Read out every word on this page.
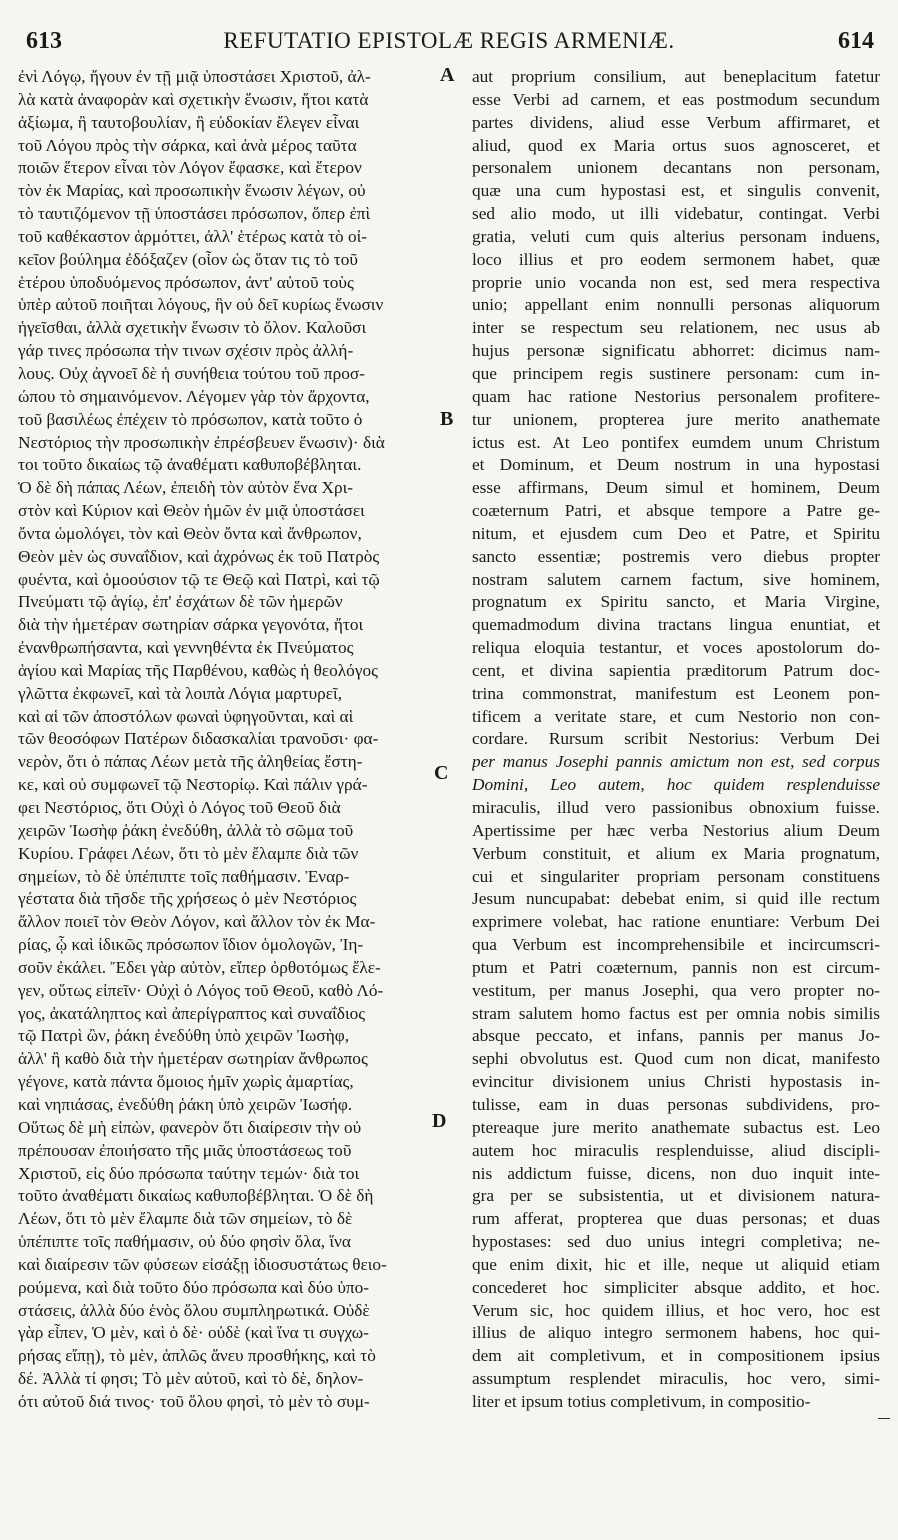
613	REFUTATIO EPISTOLÆ REGIS ARMENIÆ.	614
ἐνὶ Λόγῳ, ἤγουν ἐν τῇ μιᾷ ὑποστάσει Χριστοῦ, ἀλ-
λὰ κατὰ ἀναφορὰν καὶ σχετικὴν ἕνωσιν, ἤτοι κατὰ
ἀξίωμα, ἢ ταυτοβουλίαν, ἢ εὐδοκίαν ἔλεγεν εἶναι
τοῦ Λόγου πρὸς τὴν σάρκα, καὶ ἀνὰ μέρος ταῦτα
ποιῶν ἕτερον εἶναι τὸν Λόγον ἔφασκε, καὶ ἕτερον
τὸν ἐκ Μαρίας, καὶ προσωπικὴν ἕνωσιν λέγων, οὐ
τὸ ταυτιζόμενον τῇ ὑποστάσει πρόσωπον, ὅπερ ἐπὶ
τοῦ καθέκαστον ἁρμόττει, ἀλλ' ἑτέρως κατὰ τὸ οἰ-
κεῖον βούλημα ἐδόξαζεν (οἷον ὡς ὅταν τις τὸ τοῦ
ἑτέρου ὑποδυόμενος πρόσωπον, ἀντ' αὐτοῦ τοὺς
ὑπὲρ αὐτοῦ ποιῆται λόγους, ἣν οὐ δεῖ κυρίως ἕνωσιν
ἡγεῖσθαι, ἀλλὰ σχετικὴν ἕνωσιν τὸ ὅλον. Καλοῦσι
γάρ τινες πρόσωπα τὴν τινων σχέσιν πρὸς ἀλλή-
λους. Οὐχ ἀγνοεῖ δὲ ἡ συνήθεια τούτου τοῦ προσ-
ώπου τὸ σημαινόμενον. Λέγομεν γὰρ τὸν ἄρχοντα,
τοῦ βασιλέως ἐπέχειν τὸ πρόσωπον, κατὰ τοῦτο ὁ
Νεστόριος τὴν προσωπικὴν ἐπρέσβευεν ἕνωσιν)· διὰ
τοι τοῦτο δικαίως τῷ ἀναθέματι καθυποβέβληται.
Ὁ δὲ δὴ πάπας Λέων, ἐπειδὴ τὸν αὐτὸν ἕνα Χρι-
στὸν καὶ Κύριον καὶ Θεὸν ἡμῶν ἐν μιᾷ ὑποστάσει
ὄντα ὡμολόγει, τὸν καὶ Θεὸν ὄντα καὶ ἄνθρωπον,
Θεὸν μὲν ὡς συναΐδιον, καὶ ἀχρόνως ἐκ τοῦ Πατρὸς
φυέντα, καὶ ὁμοούσιον τῷ τε Θεῷ καὶ Πατρὶ, καὶ τῷ
Πνεύματι τῷ ἁγίῳ, ἐπ' ἐσχάτων δὲ τῶν ἡμερῶν
διὰ τὴν ἡμετέραν σωτηρίαν σάρκα γεγονότα, ἤτοι
ἐνανθρωπήσαντα, καὶ γεννηθέντα ἐκ Πνεύματος
ἁγίου καὶ Μαρίας τῆς Παρθένου, καθὼς ἡ θεολόγος
γλῶττα ἐκφωνεῖ, καὶ τὰ λοιπὰ Λόγια μαρτυρεῖ,
καὶ αἱ τῶν ἀποστόλων φωναὶ ὑφηγοῦνται, καὶ αἱ
τῶν θεοσόφων Πατέρων διδασκαλίαι τρανοῦσι· φα-
νερὸν, ὅτι ὁ πάπας Λέων μετὰ τῆς ἀληθείας ἕστη-
κε, καὶ οὐ συμφωνεῖ τῷ Νεστορίῳ. Καὶ πάλιν γρά-
φει Νεστόριος, ὅτι Οὐχὶ ὁ Λόγος τοῦ Θεοῦ διὰ
χειρῶν Ἰωσὴφ ῥάκη ἐνεδύθη, ἀλλὰ τὸ σῶμα τοῦ
Κυρίου. Γράφει Λέων, ὅτι τὸ μὲν ἔλαμπε διὰ τῶν
σημείων, τὸ δὲ ὑπέπιπτε τοῖς παθήμασιν. Ἐναρ-
γέστατα διὰ τῆσδε τῆς χρήσεως ὁ μὲν Νεστόριος
ἄλλον ποιεῖ τὸν Θεὸν Λόγον, καὶ ἄλλον τὸν ἐκ Μα-
ρίας, ᾧ καὶ ἰδικῶς πρόσωπον ἴδιον ὁμολογῶν, Ἰη-
σοῦν ἐκάλει. Ἔδει γὰρ αὐτὸν, εἴπερ ὀρθοτόμως ἔλε-
γεν, οὕτως εἰπεῖν· Οὐχὶ ὁ Λόγος τοῦ Θεοῦ, καθὸ Λό-
γος, ἀκατάληπτος καὶ ἀπερίγραπτος καὶ συναΐδιος
τῷ Πατρὶ ὢν, ῥάκη ἐνεδύθη ὑπὸ χειρῶν Ἰωσὴφ,
ἀλλ' ἢ καθὸ διὰ τὴν ἡμετέραν σωτηρίαν ἄνθρωπος
γέγονε, κατὰ πάντα ὅμοιος ἡμῖν χωρὶς ἁμαρτίας,
καὶ νηπιάσας, ἐνεδύθη ῥάκη ὑπὸ χειρῶν Ἰωσήφ.
Οὕτως δὲ μὴ εἰπὼν, φανερὸν ὅτι διαίρεσιν τὴν οὐ
πρέπουσαν ἐποιήσατο τῆς μιᾶς ὑποστάσεως τοῦ
Χριστοῦ, εἰς δύο πρόσωπα ταύτην τεμών· διὰ τοι
τοῦτο ἀναθέματι δικαίως καθυποβέβληται. Ὁ δὲ δὴ
Λέων, ὅτι τὸ μὲν ἔλαμπε διὰ τῶν σημείων, τὸ δὲ
ὑπέπιπτε τοῖς παθήμασιν, οὐ δύο φησὶν ὅλα, ἵνα
καὶ διαίρεσιν τῶν φύσεων εἰσάξῃ ἰδιοσυστάτως θειο-
ρούμενα, καὶ διὰ τοῦτο δύο πρόσωπα καὶ δύο ὑπο-
στάσεις, ἀλλὰ δύο ἑνὸς ὅλου συμπληρωτικά. Οὐδὲ
γὰρ εἶπεν, Ὁ μὲν, καὶ ὁ δὲ· οὐδὲ (καὶ ἵνα τι συγχω-
ρήσας εἴπῃ), τὸ μὲν, ἁπλῶς ἄνευ προσθήκης, καὶ τὸ
δέ. Ἀλλὰ τί φησι; Τὸ μὲν αὐτοῦ, καὶ τὸ δὲ, δηλον-
ότι αὐτοῦ διά τινος· τοῦ ὅλου φησὶ, τὸ μὲν τὸ συμ-
aut proprium consilium, aut beneplacitum fatetur
esse Verbi ad carnem, et eas postmodum secundum
partes dividens, aliud esse Verbum affirmaret, et
aliud, quod ex Maria ortus suos agnosceret, et
personalem unionem decantans non personam,
quæ una cum hypostasi est, et singulis convenit,
sed alio modo, ut illi videbatur, contingat. Verbi
gratia, veluti cum quis alterius personam induens,
loco illius et pro eodem sermonem habet, quæ
proprie unio vocanda non est, sed mera respectiva
unio; appellant enim nonnulli personas aliquorum
inter se respectum seu relationem, nec usus ab
hujus personæ significatu abhorret: dicimus nam-
que principem regis sustinere personam: cum in-
quam hac ratione Nestorius personalem profitere-
tur unionem, propterea jure merito anathemate
ictus est. At Leo pontifex eumdem unum Christum
et Dominum, et Deum nostrum in una hypostasi
esse affirmans, Deum simul et hominem, Deum
coæternum Patri, et absque tempore a Patre ge-
nitum, et ejusdem cum Deo et Patre, et Spiritu
sancto essentiæ; postremis vero diebus propter
nostram salutem carnem factum, sive hominem,
prognatum ex Spiritu sancto, et Maria Virgine,
quemadmodum divina tractans lingua enuntiat, et
reliqua eloquia testantur, et voces apostolorum do-
cent, et divina sapientia præditorum Patrum doc-
trina commonstrat, manifestum est Leonem pon-
tificem a veritate stare, et cum Nestorio non con-
cordare. Rursum scribit Nestorius: Verbum Dei
per manus Josephi pannis amictum non est, sed corpus
Domini, Leo autem, hoc quidem resplenduisse
miraculis, illud vero passionibus obnoxium fuisse.
Apertissime per hæc verba Nestorius alium Deum
Verbum constituit, et alium ex Maria prognatum,
cui et singulariter propriam personam constituens
Jesum nuncupabat: debebat enim, si quid ille rectum
exprimere volebat, hac ratione enuntiare: Verbum Dei
qua Verbum est incomprehensibile et incircumscri-
ptum et Patri coæternum, pannis non est circum-
vestitum, per manus Josephi, qua vero propter no-
stram salutem homo factus est per omnia nobis similis
absque peccato, et infans, pannis per manus Jo-
sephi obvolutus est. Quod cum non dicat, manifesto
evincitur divisionem unius Christi hypostasis in-
tulisse, eam in duas personas subdividens, pro-
ptereaque jure merito anathemate subactus est. Leo
autem hoc miraculis resplenduisse, aliud discipli-
nis addictum fuisse, dicens, non duo inquit inte-
gra per se subsistentia, ut et divisionem natura-
rum afferat, propterea que duas personas; et duas
hypostases: sed duo unius integri completiva; ne-
que enim dixit, hic et ille, neque ut aliquid etiam
concederet hoc simpliciter absque addito, et hoc.
Verum sic, hoc quidem illius, et hoc vero, hoc est
illius de aliquo integro sermonem habens, hoc qui-
dem ait completivum, et in compositionem ipsius
assumptum resplendet miraculis, hoc vero, simi-
liter et ipsum totius completivum, in compositio-
A
B
C
D
